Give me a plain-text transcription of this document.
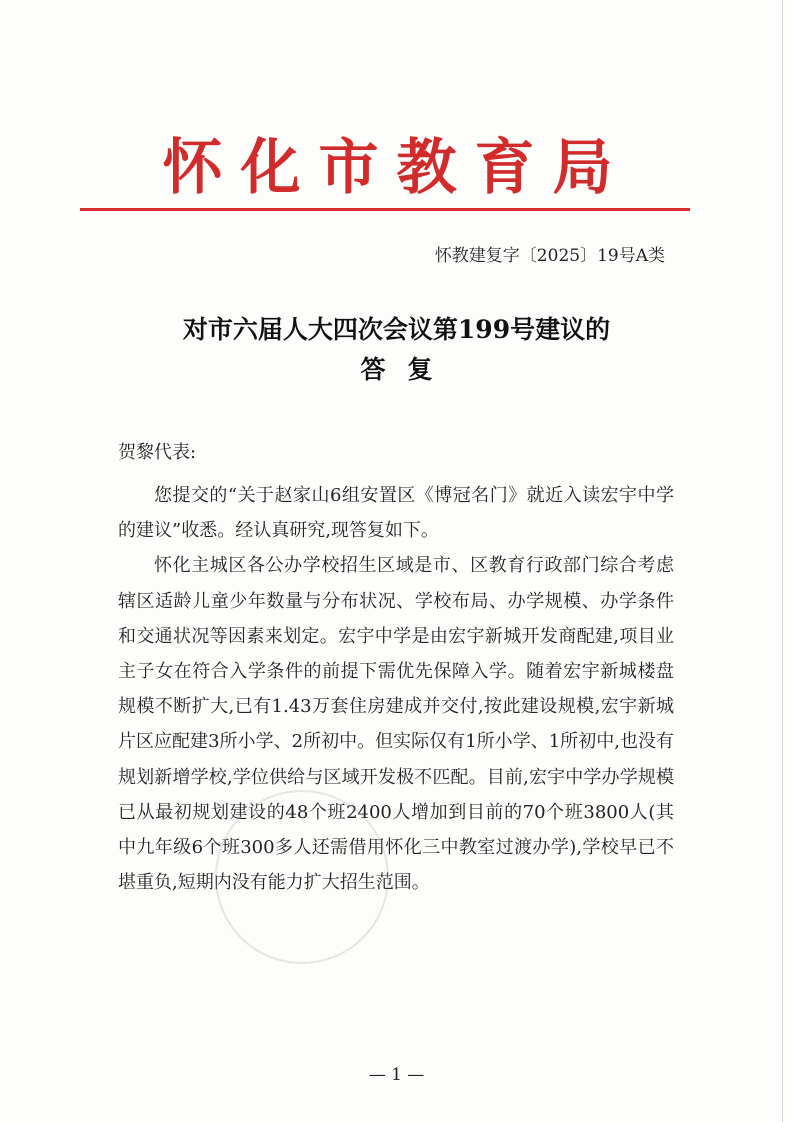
怀化市教育局
怀教建复字〔2025〕19号A类
对市六届人大四次会议第199号建议的
答复
贺黎代表:

您提交的“关于赵家山6组安置区《博冠名门》就近入读宏宇中学的建议”收悉。经认真研究,现答复如下。

怀化主城区各公办学校招生区域是市、区教育行政部门综合考虑辖区适龄儿童少年数量与分布状况、学校布局、办学规模、办学条件和交通状况等因素来划定。宏宇中学是由宏宇新城开发商配建,项目业主子女在符合入学条件的前提下需优先保障入学。随着宏宇新城楼盘规模不断扩大,已有1.43万套住房建成并交付,按此建设规模,宏宇新城片区应配建3所小学、2所初中。但实际仅有1所小学、1所初中,也没有规划新增学校,学位供给与区域开发极不匹配。目前,宏宇中学办学规模已从最初规划建设的48个班2400人增加到目前的70个班3800人(其中九年级6个班300多人还需借用怀化三中教室过渡办学),学校早已不堪重负,短期内没有能力扩大招生范围。

— 1 —
